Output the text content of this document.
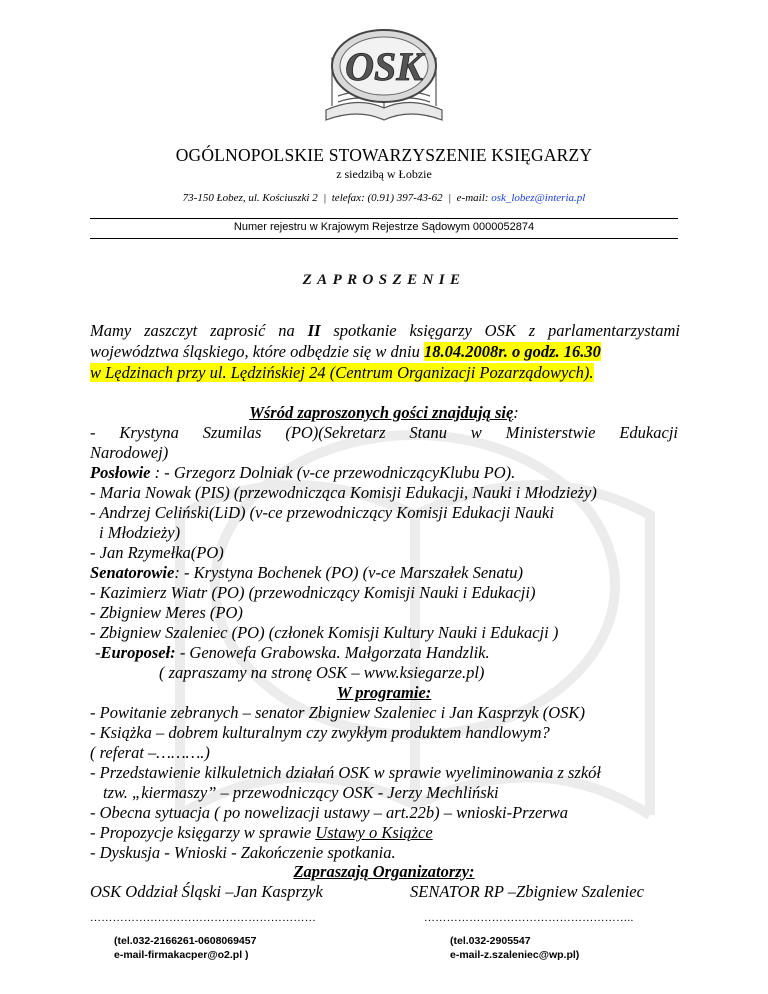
OSK
OGÓLNOPOLSKIE STOWARZYSZENIE KSIĘGARZY
z siedzibą w Łobzie
73-150 Łobez, ul. Kościuszki 2 | telefax: (0.91) 397-43-62 | e-mail: osk_lobez@interia.pl
Numer rejestru w Krajowym Rejestrze Sądowym 0000052874
ZAPROSZENIE
Mamy zaszczyt zaprosić na II spotkanie księgarzy OSK z parlamentarzystami województwa śląskiego, które odbędzie się w dniu 18.04.2008r. o godz. 16.30
w Lędzinach przy ul. Lędzińskiej 24 (Centrum Organizacji Pozarządowych).
Wśród zaproszonych gości znajdują się:
- Krystyna Szumilas (PO)(Sekretarz Stanu w Ministerstwie Edukacji
Narodowej)
Posłowie : - Grzegorz Dolniak (v-ce przewodniczącyKlubu PO).
- Maria Nowak (PIS) (przewodnicząca Komisji Edukacji, Nauki i Młodzieży)
- Andrzej Celiński(LiD) (v-ce przewodniczący Komisji Edukacji Nauki
i Młodzieży)
- Jan Rzymełka(PO)
Senatorowie: - Krystyna Bochenek (PO) (v-ce Marszałek Senatu)
- Kazimierz Wiatr (PO) (przewodniczący Komisji Nauki i Edukacji)
- Zbigniew Meres (PO)
- Zbigniew Szaleniec (PO) (członek Komisji Kultury Nauki i Edukacji )
-Europoseł: - Genowefa Grabowska. Małgorzata Handzlik.
( zapraszamy na stronę OSK – www.ksiegarze.pl)
W programie:
- Powitanie zebranych – senator Zbigniew Szaleniec i Jan Kasprzyk (OSK)
- Książka – dobrem kulturalnym czy zwykłym produktem handlowym?
( referat –……….)
- Przedstawienie kilkuletnich działań OSK w sprawie wyeliminowania z szkół
tzw. „kiermaszy” – przewodniczący OSK - Jerzy Mechliński
- Obecna sytuacja ( po nowelizacji ustawy – art.22b) – wnioski-Przerwa
- Propozycje księgarzy w sprawie Ustawy o Książce
- Dyskusja - Wnioski - Zakończenie spotkania.
Zapraszają Organizatorzy:
OSK Oddział Śląski –Jan Kasprzyk	SENATOR RP –Zbigniew Szaleniec
……………………………………………………	………………………………………………..
(tel.032-2166261-0608069457
e-mail-firmakacper@o2.pl )
(tel.032-2905547
e-mail-z.szaleniec@wp.pl)
